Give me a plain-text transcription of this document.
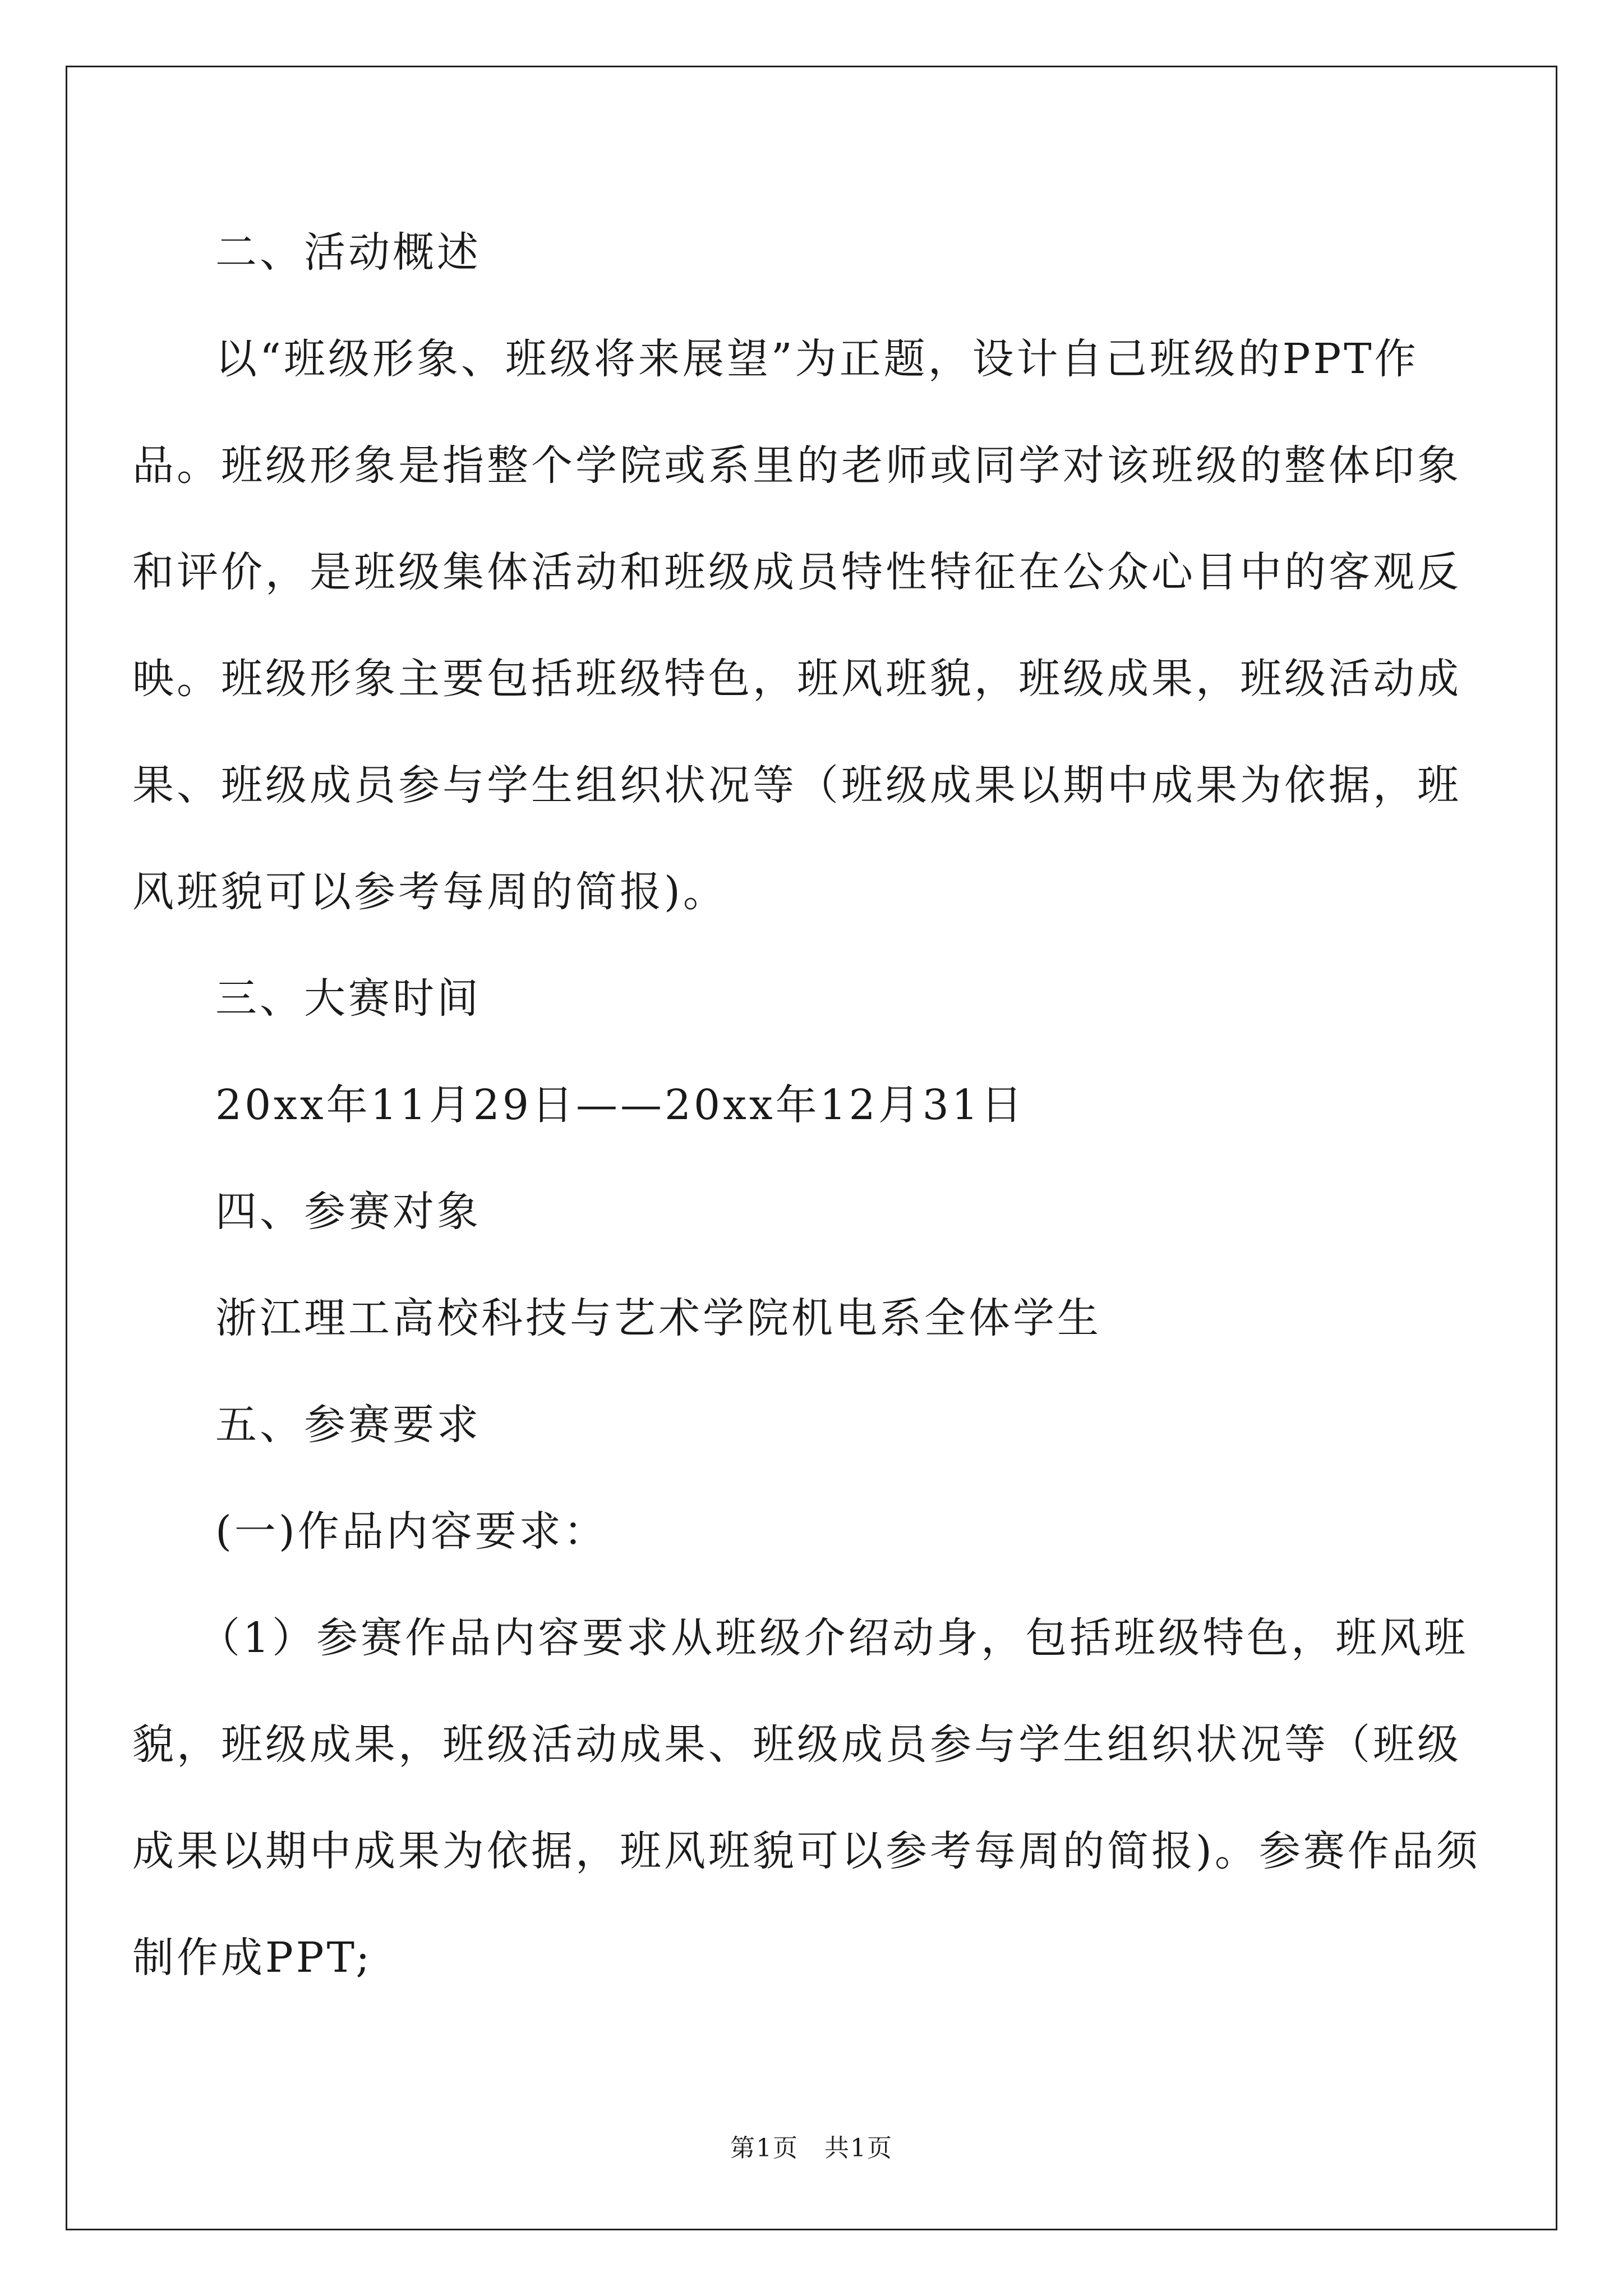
二、活动概述
以“班级形象、班级将来展望”为正题，设计自己班级的PPT作
品。班级形象是指整个学院或系里的老师或同学对该班级的整体印象
和评价，是班级集体活动和班级成员特性特征在公众心目中的客观反
映。班级形象主要包括班级特色，班风班貌，班级成果，班级活动成
果、班级成员参与学生组织状况等（班级成果以期中成果为依据，班
风班貌可以参考每周的简报)。
三、大赛时间
20xx年11月29日——20xx年12月31日
四、参赛对象
浙江理工高校科技与艺术学院机电系全体学生
五、参赛要求
(一)作品内容要求：
（1）参赛作品内容要求从班级介绍动身，包括班级特色，班风班
貌，班级成果，班级活动成果、班级成员参与学生组织状况等（班级
成果以期中成果为依据，班风班貌可以参考每周的简报)。参赛作品须
制作成PPT;
第1页　共1页
